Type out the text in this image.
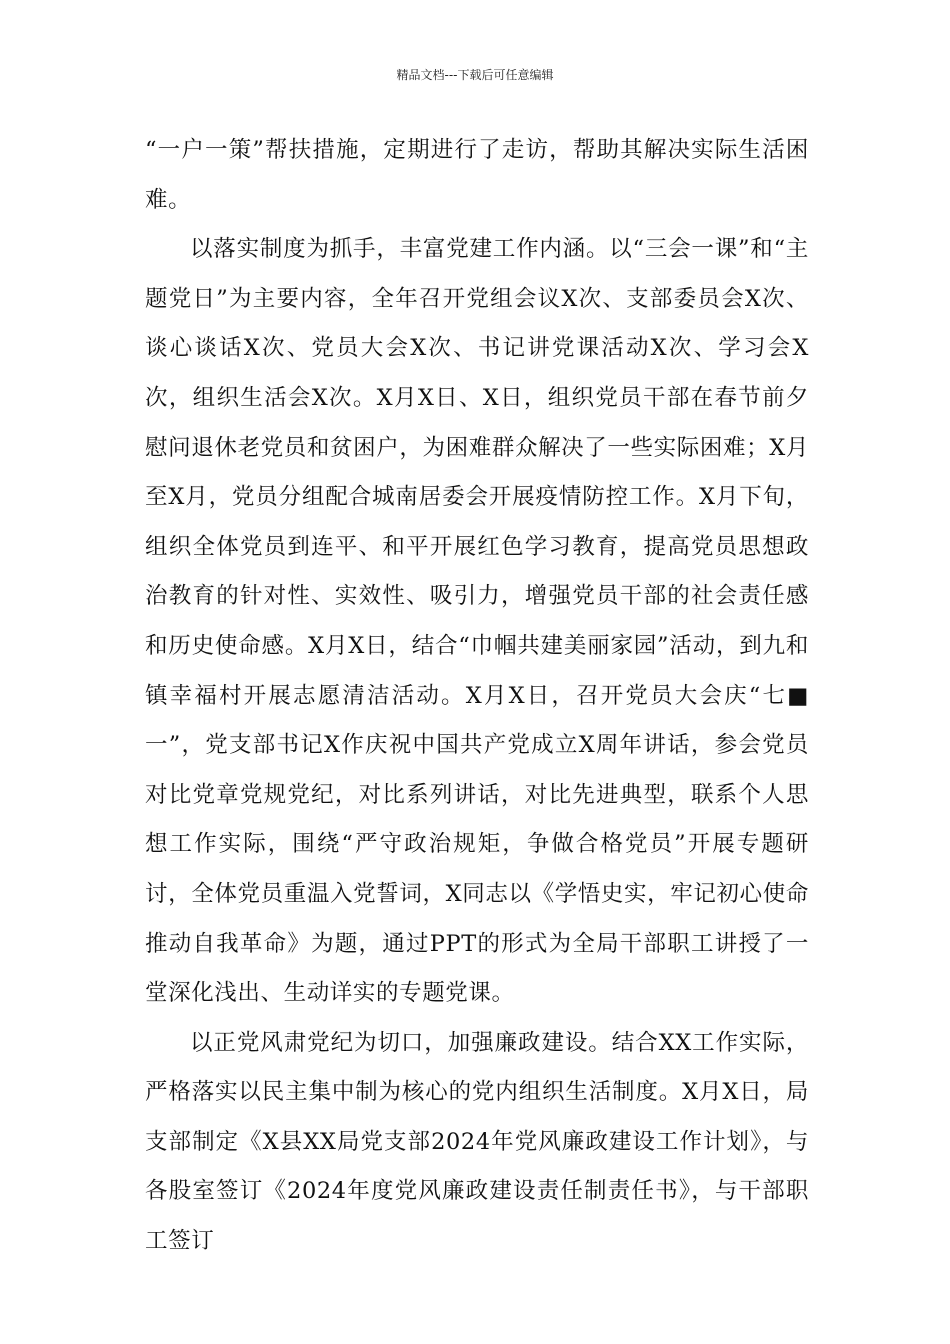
精品文档---下载后可任意编辑

“一户一策”帮扶措施，定期进行了走访，帮助其解决实际生活困难。

以落实制度为抓手，丰富党建工作内涵。以“三会一课”和“主题党日”为主要内容，全年召开党组会议X次、支部委员会X次、谈心谈话X次、党员大会X次、书记讲党课活动X次、学习会X次，组织生活会X次。X月X日、X日，组织党员干部在春节前夕慰问退休老党员和贫困户，为困难群众解决了一些实际困难；X月至X月，党员分组配合城南居委会开展疫情防控工作。X月下旬，组织全体党员到连平、和平开展红色学习教育，提高党员思想政治教育的针对性、实效性、吸引力，增强党员干部的社会责任感和历史使命感。X月X日，结合“巾帼共建美丽家园”活动，到九和镇幸福村开展志愿清洁活动。X月X日，召开党员大会庆“七■一”，党支部书记X作庆祝中国共产党成立X周年讲话，参会党员对比党章党规党纪，对比系列讲话，对比先进典型，联系个人思想工作实际，围绕“严守政治规矩，争做合格党员”开展专题研讨，全体党员重温入党誓词，X同志以《学悟史实，牢记初心使命 推动自我革命》为题，通过PPT的形式为全局干部职工讲授了一堂深化浅出、生动详实的专题党课。

以正党风肃党纪为切口，加强廉政建设。结合XX工作实际，严格落实以民主集中制为核心的党内组织生活制度。X月X日，局支部制定《X县XX局党支部2024年党风廉政建设工作计划》，与各股室签订《2024年度党风廉政建设责任制责任书》，与干部职工签订
